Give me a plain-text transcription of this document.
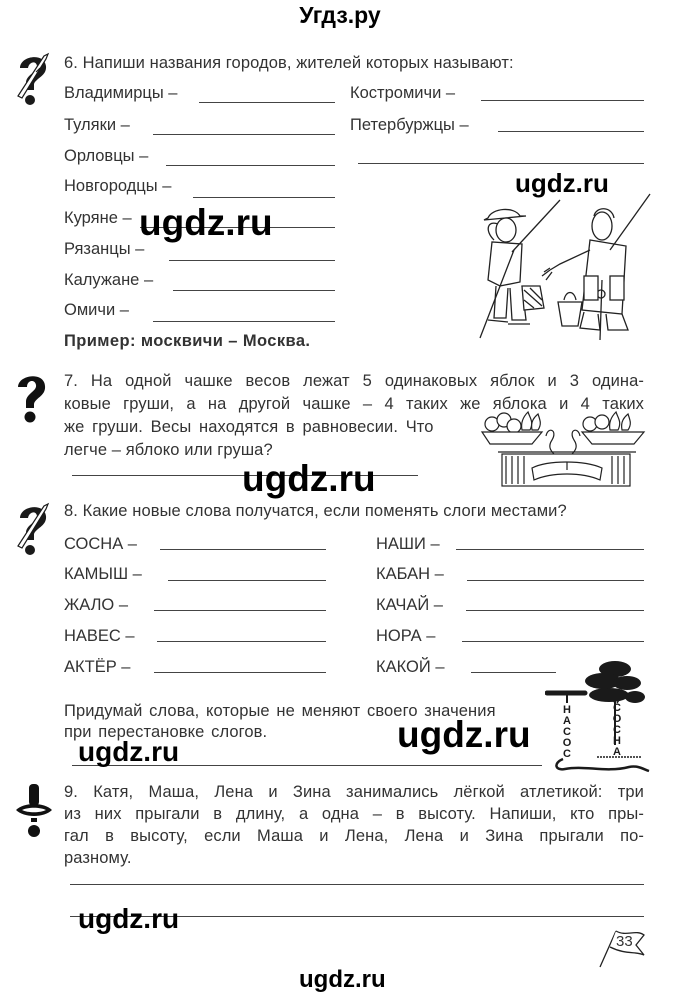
Угдз.ру
6. Напиши названия городов, жителей которых называют:
Владимирцы –
Туляки –
Орловцы –
Новгородцы –
Куряне –
Рязанцы –
Калужане –
Омичи –
Пример: москвичи – Москва.
Костромичи –
Петербуржцы –
7. На одной чашке весов лежат 5 одинаковых яблок и 3 одина-
ковые груши, а на другой чашке – 4 таких же яблока и 4 таких
же груши. Весы находятся в равновесии. Что
легче – яблоко или груша?
8. Какие новые слова получатся, если поменять слоги местами?
СОСНА –
КАМЫШ –
ЖАЛО –
НАВЕС –
АКТЁР –
НАШИ –
КАБАН –
КАЧАЙ –
НОРА –
КАКОЙ –
Придумай слова, которые не меняют своего значения
при перестановке слогов.
Н
А
С
О
С
С
О
С
Н
А
9. Катя, Маша, Лена и Зина занимались лёгкой атлетикой: три
из них прыгали в длину, а одна – в высоту. Напиши, кто пры-
гал в высоту, если Маша и Лена, Лена и Зина прыгали по-
разному.
33
ugdz.ru
ugdz.ru
ugdz.ru
ugdz.ru
ugdz.ru
ugdz.ru
ugdz.ru
